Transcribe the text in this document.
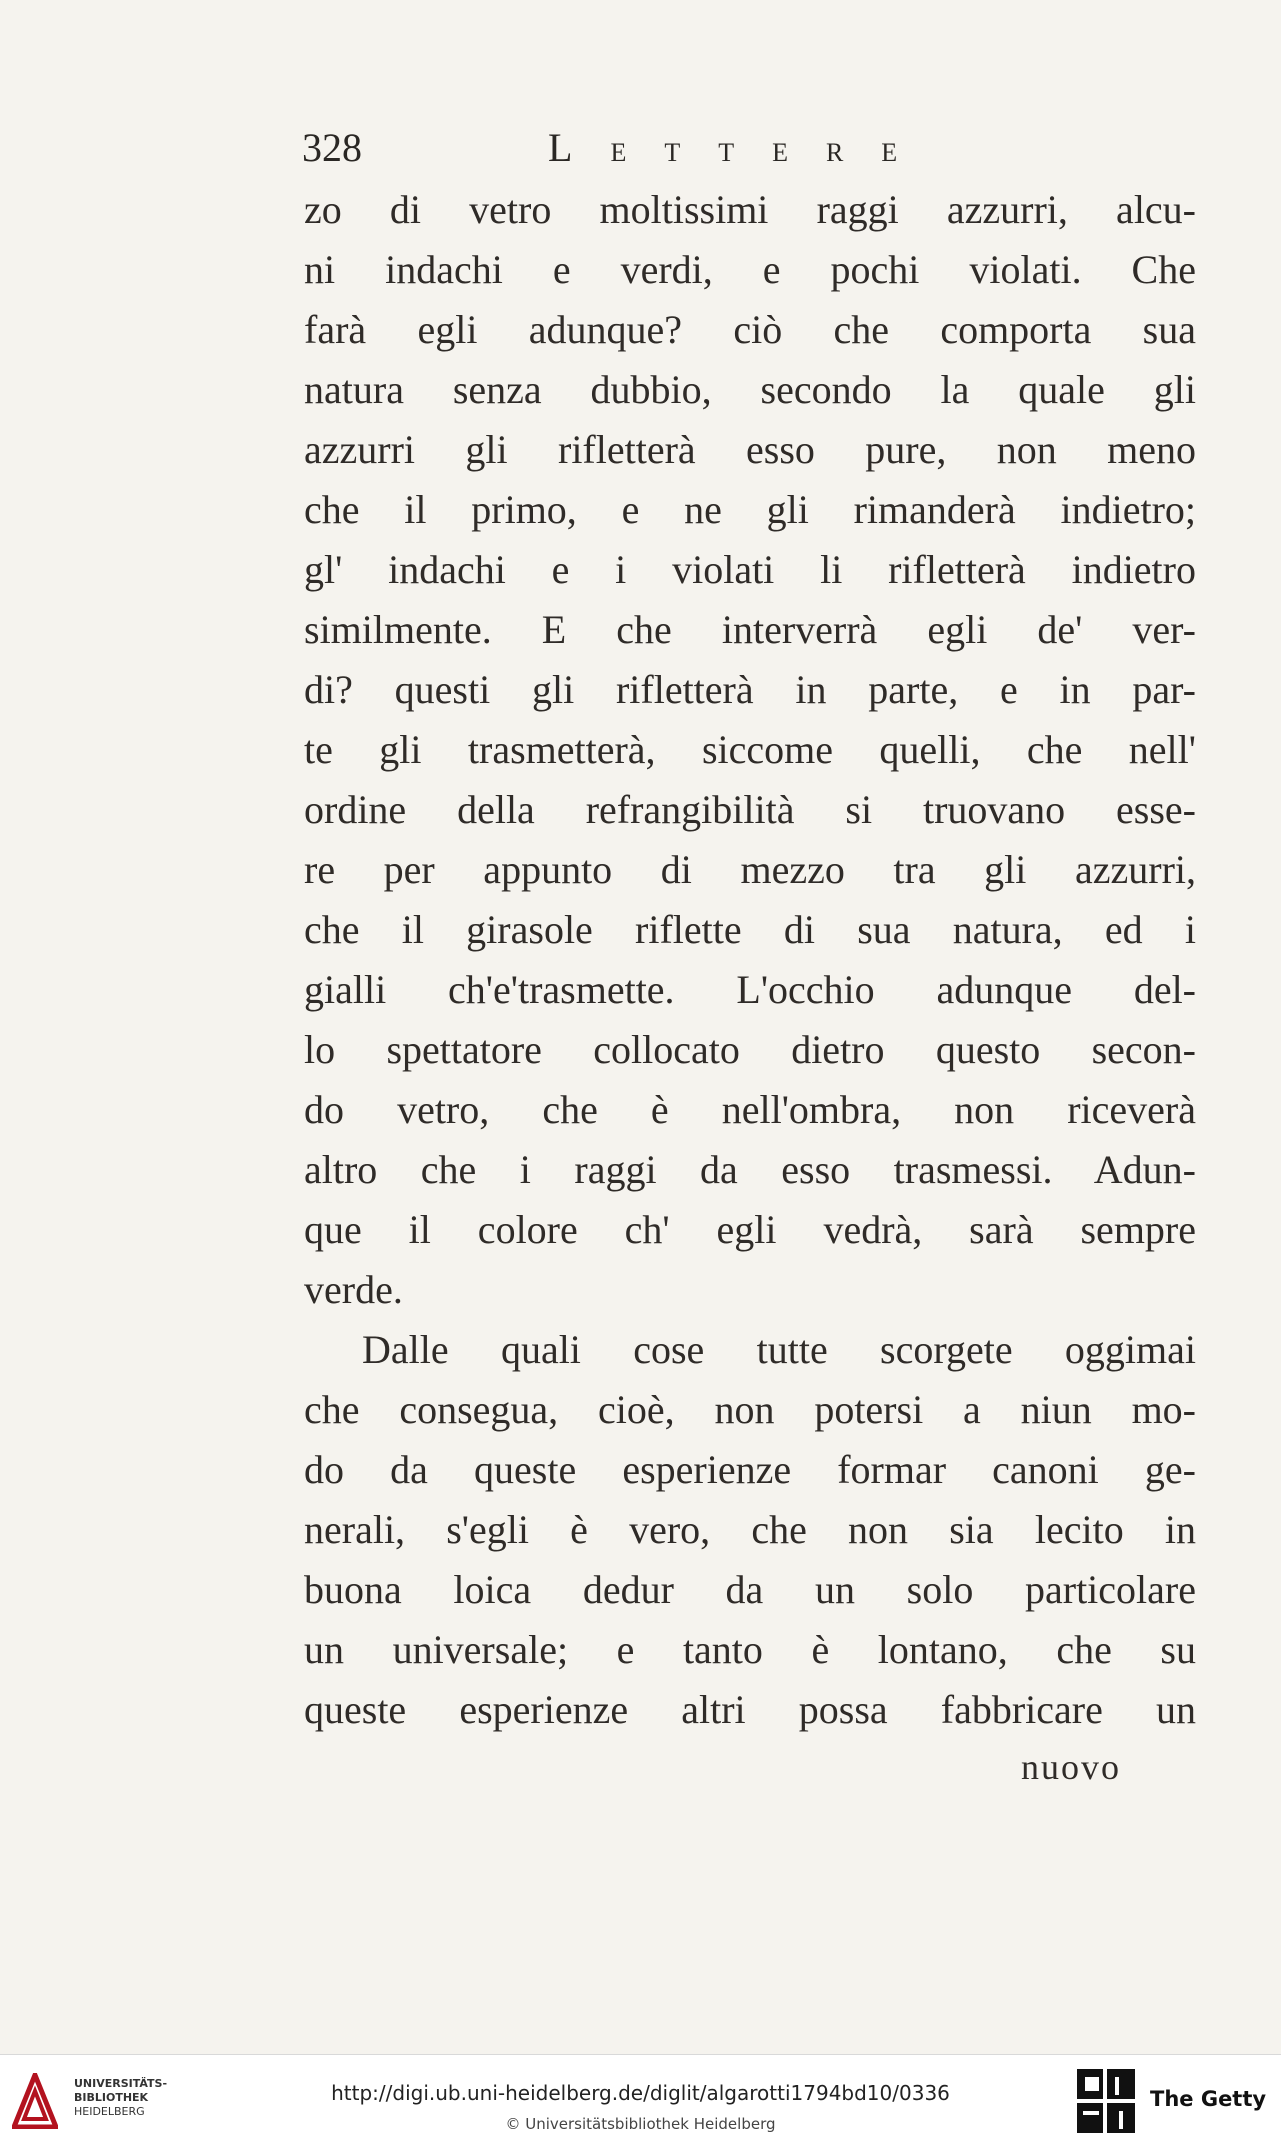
328	LETTERE
zo di vetro moltissimi raggi azzurri, alcu-
ni indachi e verdi, e pochi violati. Che
farà egli adunque? ciò che comporta sua
natura senza dubbio, secondo la quale gli
azzurri gli rifletterà esso pure, non meno
che il primo, e ne gli rimanderà indietro;
gl' indachi e i violati li rifletterà indietro
similmente. E che interverrà egli de' ver-
di? questi gli rifletterà in parte, e in par-
te gli trasmetterà, siccome quelli, che nell'
ordine della refrangibilità si truovano esse-
re per appunto di mezzo tra gli azzurri,
che il girasole riflette di sua natura, ed i
gialli ch'e'trasmette. L'occhio adunque del-
lo spettatore collocato dietro questo secon-
do vetro, che è nell'ombra, non riceverà
altro che i raggi da esso trasmessi. Adun-
que il colore ch' egli vedrà, sarà sempre
verde.
Dalle quali cose tutte scorgete oggimai
che consegua, cioè, non potersi a niun mo-
do da queste esperienze formar canoni ge-
nerali, s'egli è vero, che non sia lecito in
buona loica dedur da un solo particolare
un universale; e tanto è lontano, che su
queste esperienze altri possa fabbricare un
nuovo
UNIVERSITÄTS-
BIBLIOTHEK
HEIDELBERG
http://digi.ub.uni-heidelberg.de/diglit/algarotti1794bd10/0336
© Universitätsbibliothek Heidelberg
The Getty
